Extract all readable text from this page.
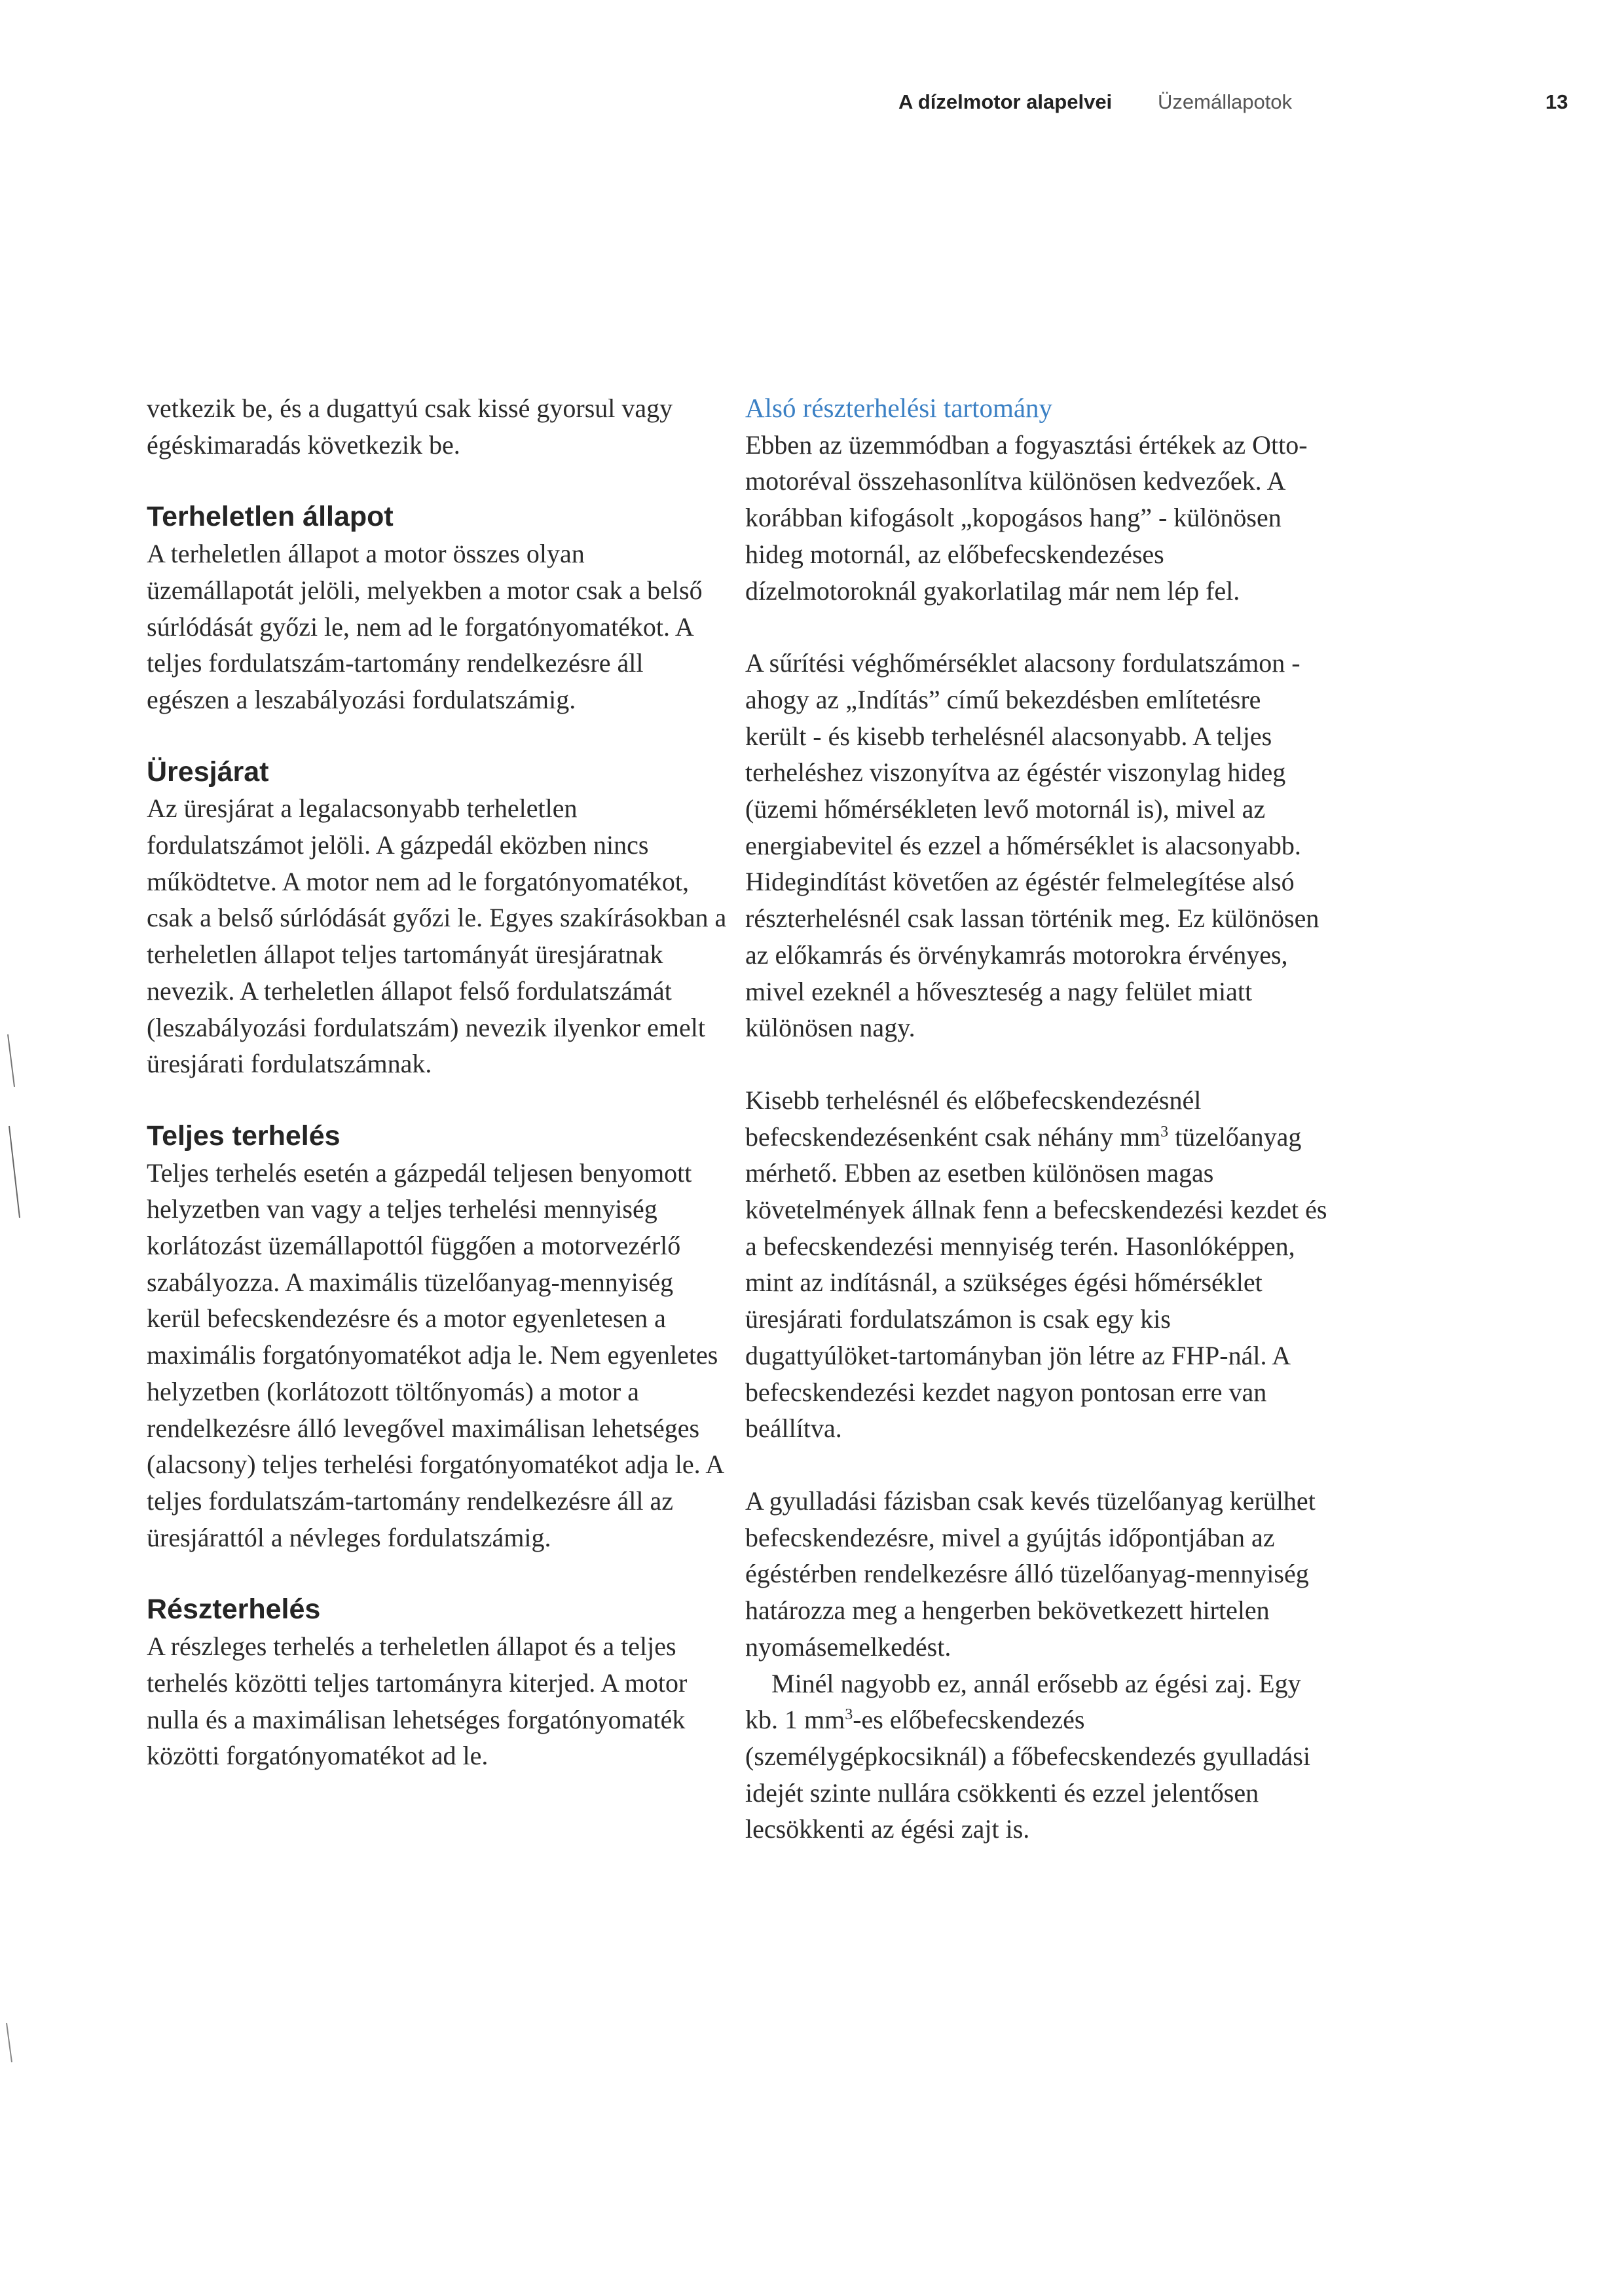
A dízelmotor alapelvei Üzemállapotok	13

vetkezik be, és a dugattyú csak kissé gyorsul vagy égéskimaradás következik be.

Terheletlen állapot

A terheletlen állapot a motor összes olyan üzemállapotát jelöli, melyekben a motor csak a belső súrlódását győzi le, nem ad le forgatónyomatékot. A teljes fordulatszám-tartomány rendelkezésre áll egészen a leszabályozási fordulatszámig.

Üresjárat

Az üresjárat a legalacsonyabb terheletlen fordulatszámot jelöli. A gázpedál eközben nincs működtetve. A motor nem ad le forgatónyomatékot, csak a belső súrlódását győzi le. Egyes szakírásokban a terheletlen állapot teljes tartományát üresjáratnak nevezik. A terheletlen állapot felső fordulatszámát (leszabályozási fordulatszám) nevezik ilyenkor emelt üresjárati fordulatszámnak.

Teljes terhelés

Teljes terhelés esetén a gázpedál teljesen benyomott helyzetben van vagy a teljes terhelési mennyiség korlátozást üzemállapottól függően a motorvezérlő szabályozza. A maximális tüzelőanyag-mennyiség kerül befecskendezésre és a motor egyenletesen a maximális forgatónyomatékot adja le. Nem egyenletes helyzetben (korlátozott töltőnyomás) a motor a rendelkezésre álló levegővel maximálisan lehetséges (alacsony) teljes terhelési forgatónyomatékot adja le. A teljes fordulatszám-tartomány rendelkezésre áll az üresjárattól a névleges fordulatszámig.

Részterhelés

A részleges terhelés a terheletlen állapot és a teljes terhelés közötti teljes tartományra kiterjed. A motor nulla és a maximálisan lehetséges forgatónyomaték közötti forgatónyomatékot ad le.

Alsó részterhelési tartomány

Ebben az üzemmódban a fogyasztási értékek az Otto-motoréval összehasonlítva különösen kedvezőek. A korábban kifogásolt „kopogásos hang” - különösen hideg motornál, az előbefecskendezéses dízelmotoroknál gyakorlatilag már nem lép fel.

A sűrítési véghőmérséklet alacsony fordulatszámon - ahogy az „Indítás” című bekezdésben említetésre került - és kisebb terhelésnél alacsonyabb. A teljes terheléshez viszonyítva az égéstér viszonylag hideg (üzemi hőmérsékleten levő motornál is), mivel az energiabevitel és ezzel a hőmérséklet is alacsonyabb. Hidegindítást követően az égéstér felmelegítése alsó részterhelésnél csak lassan történik meg. Ez különösen az előkamrás és örvénykamrás motorokra érvényes, mivel ezeknél a hőveszteség a nagy felület miatt különösen nagy.

Kisebb terhelésnél és előbefecskendezésnél befecskendezésenként csak néhány $mm^3$ tüzelőanyag mérhető. Ebben az esetben különösen magas követelmények állnak fenn a befecskendezési kezdet és a befecskendezési mennyiség terén. Hasonlóképpen, mint az indításnál, a szükséges égési hőmérséklet üresjárati fordulatszámon is csak egy kis dugattyúlöket-tartományban jön létre az FHP-nál. A befecskendezési kezdet nagyon pontosan erre van beállítva.

A gyulladási fázisban csak kevés tüzelőanyag kerülhet befecskendezésre, mivel a gyújtás időpontjában az égéstérben rendelkezésre álló tüzelőanyag-mennyiség határozza meg a hengerben bekövetkezett hirtelen nyomásemelkedést.

Minél nagyobb ez, annál erősebb az égési zaj. Egy kb. 1 $mm^3-es$ előbefecskendezés (személygépkocsiknál) a főbefecskendezés gyulladási idejét szinte nullára csökkenti és ezzel jelentősen lecsökkenti az égési zajt is.
